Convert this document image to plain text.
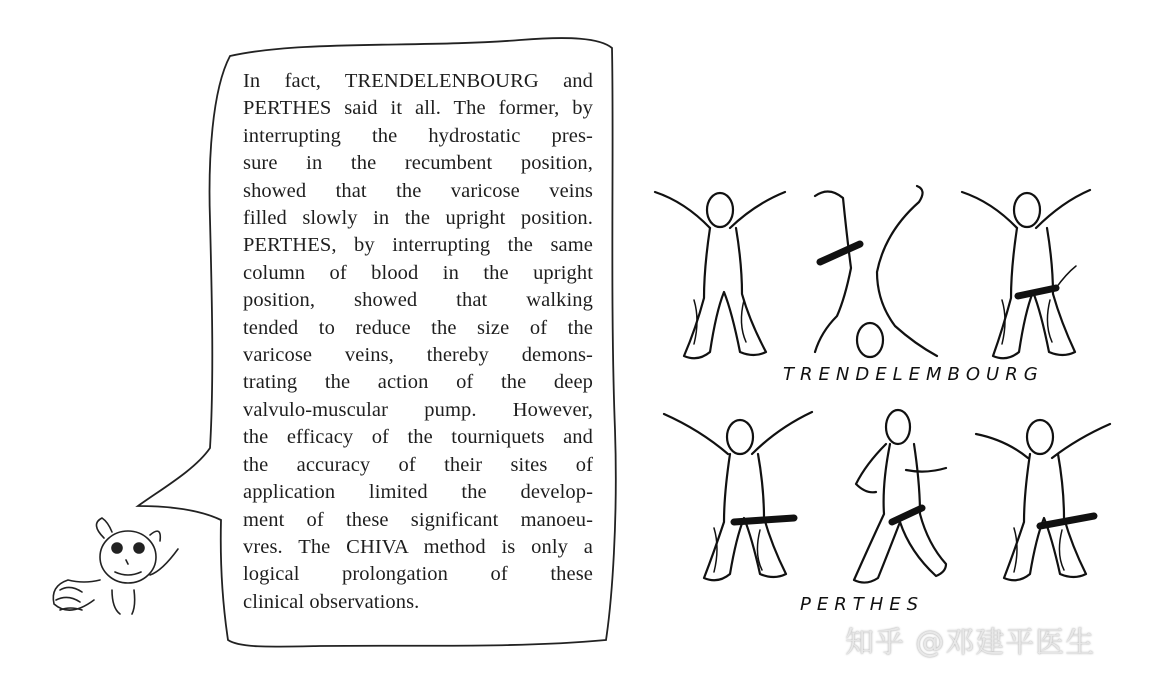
In fact, TRENDELENBOURG and
PERTHES said it all. The former, by
interrupting the hydrostatic pres-
sure in the recumbent position,
showed that the varicose veins
filled slowly in the upright position.
PERTHES, by interrupting the same
column of blood in the upright
position, showed that walking
tended to reduce the size of the
varicose veins, thereby demons-
trating the action of the deep
valvulo-muscular pump. However,
the efficacy of the tourniquets and
the accuracy of their sites of
application limited the develop-
ment of these significant manoeu-
vres. The CHIVA method is only a
logical prolongation of these
clinical observations.
TRENDELEMBOURG
PERTHES
知乎 @邓建平医生
